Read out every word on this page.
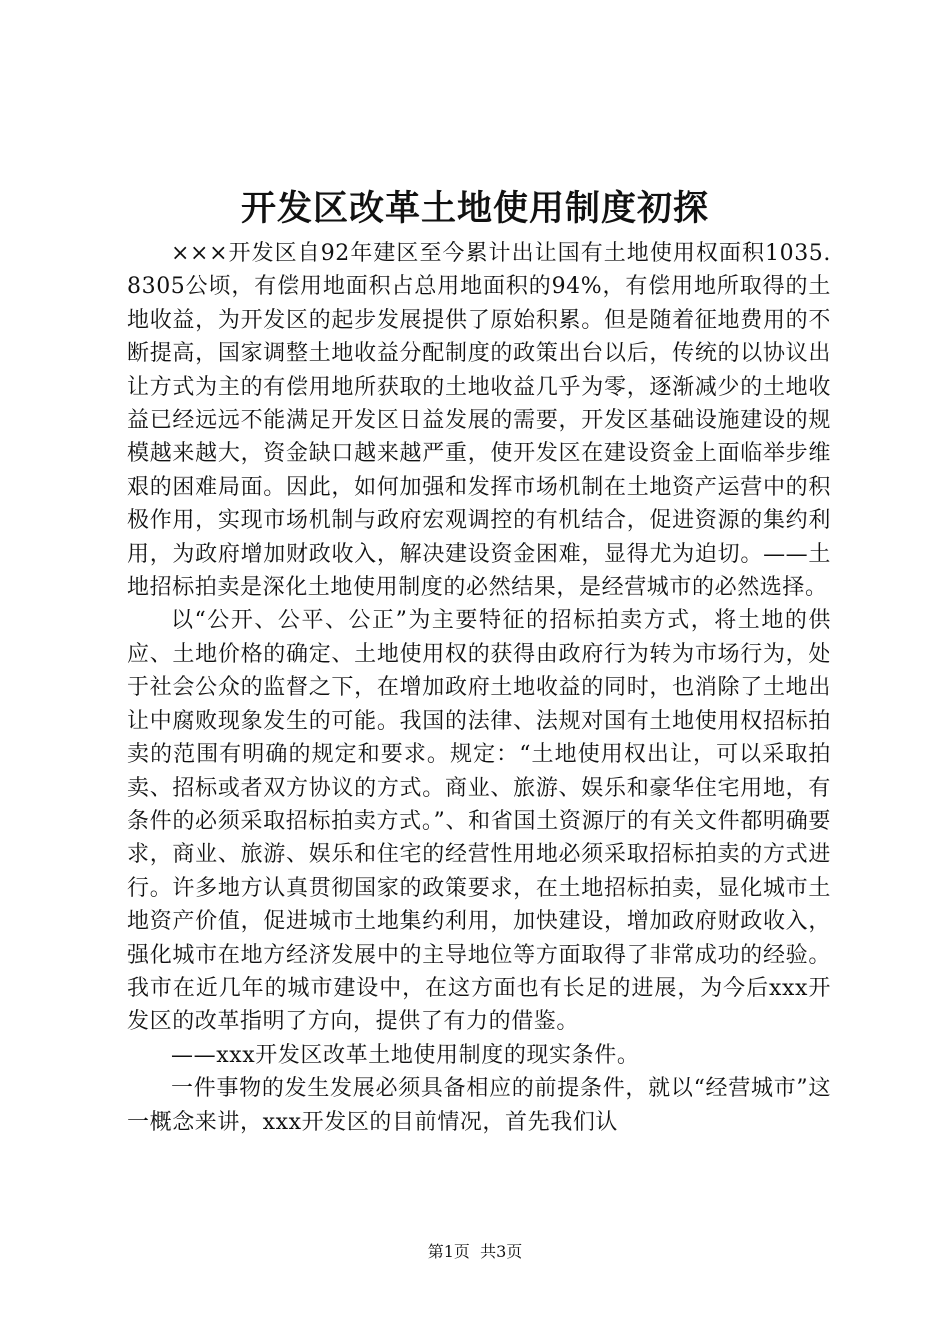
开发区改革土地使用制度初探

×××开发区自92年建区至今累计出让国有土地使用权面积1035.8305公顷，有偿用地面积占总用地面积的94%，有偿用地所取得的土地收益，为开发区的起步发展提供了原始积累。但是随着征地费用的不断提高，国家调整土地收益分配制度的政策出台以后，传统的以协议出让方式为主的有偿用地所获取的土地收益几乎为零，逐渐减少的土地收益已经远远不能满足开发区日益发展的需要，开发区基础设施建设的规模越来越大，资金缺口越来越严重，使开发区在建设资金上面临举步维艰的困难局面。因此，如何加强和发挥市场机制在土地资产运营中的积极作用，实现市场机制与政府宏观调控的有机结合，促进资源的集约利用，为政府增加财政收入，解决建设资金困难，显得尤为迫切。——土地招标拍卖是深化土地使用制度的必然结果，是经营城市的必然选择。

以“公开、公平、公正”为主要特征的招标拍卖方式，将土地的供应、土地价格的确定、土地使用权的获得由政府行为转为市场行为，处于社会公众的监督之下，在增加政府土地收益的同时，也消除了土地出让中腐败现象发生的可能。我国的法律、法规对国有土地使用权招标拍卖的范围有明确的规定和要求。规定：“土地使用权出让，可以采取拍卖、招标或者双方协议的方式。商业、旅游、娱乐和豪华住宅用地，有条件的必须采取招标拍卖方式。”、和省国土资源厅的有关文件都明确要求，商业、旅游、娱乐和住宅的经营性用地必须采取招标拍卖的方式进行。许多地方认真贯彻国家的政策要求，在土地招标拍卖，显化城市土地资产价值，促进城市土地集约利用，加快建设，增加政府财政收入，强化城市在地方经济发展中的主导地位等方面取得了非常成功的经验。我市在近几年的城市建设中，在这方面也有长足的进展，为今后xxx开发区的改革指明了方向，提供了有力的借鉴。

——xxx开发区改革土地使用制度的现实条件。

一件事物的发生发展必须具备相应的前提条件，就以“经营城市”这一概念来讲，xxx开发区的目前情况，首先我们认

第1页  共3页
